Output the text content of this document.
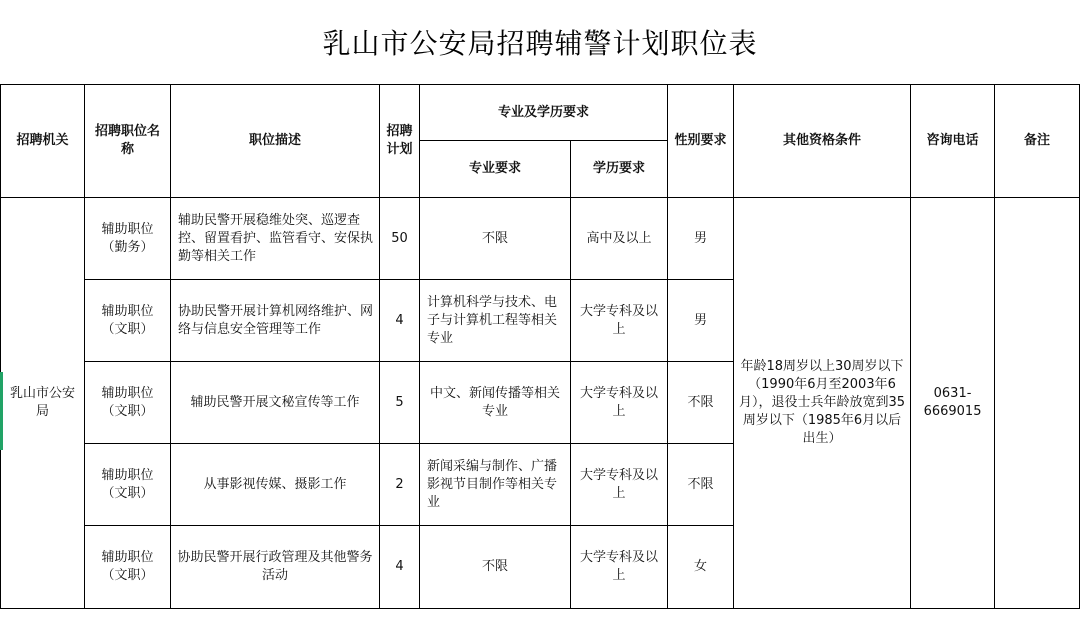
乳山市公安局招聘辅警计划职位表
招聘机关	招聘职位名称	职位描述	招聘计划	专业及学历要求		性别要求	其他资格条件	咨询电话	备注
				专业要求	学历要求				
乳山市公安局	辅助职位（勤务）	辅助民警开展稳维处突、巡逻查控、留置看护、监管看守、安保执勤等相关工作	50	不限	高中及以上	男	年龄18周岁以上30周岁以下（1990年6月至2003年6月），退役士兵年龄放宽到35周岁以下（1985年6月以后出生）	0631-6669015	
	辅助职位（文职）	协助民警开展计算机网络维护、网络与信息安全管理等工作	4	计算机科学与技术、电子与计算机工程等相关专业	大学专科及以上	男			
	辅助职位（文职）	辅助民警开展文秘宣传等工作	5	中文、新闻传播等相关专业	大学专科及以上	不限			
	辅助职位（文职）	从事影视传媒、摄影工作	2	新闻采编与制作、广播影视节目制作等相关专业	大学专科及以上	不限			
	辅助职位（文职）	协助民警开展行政管理及其他警务活动	4	不限	大学专科及以上	女			
